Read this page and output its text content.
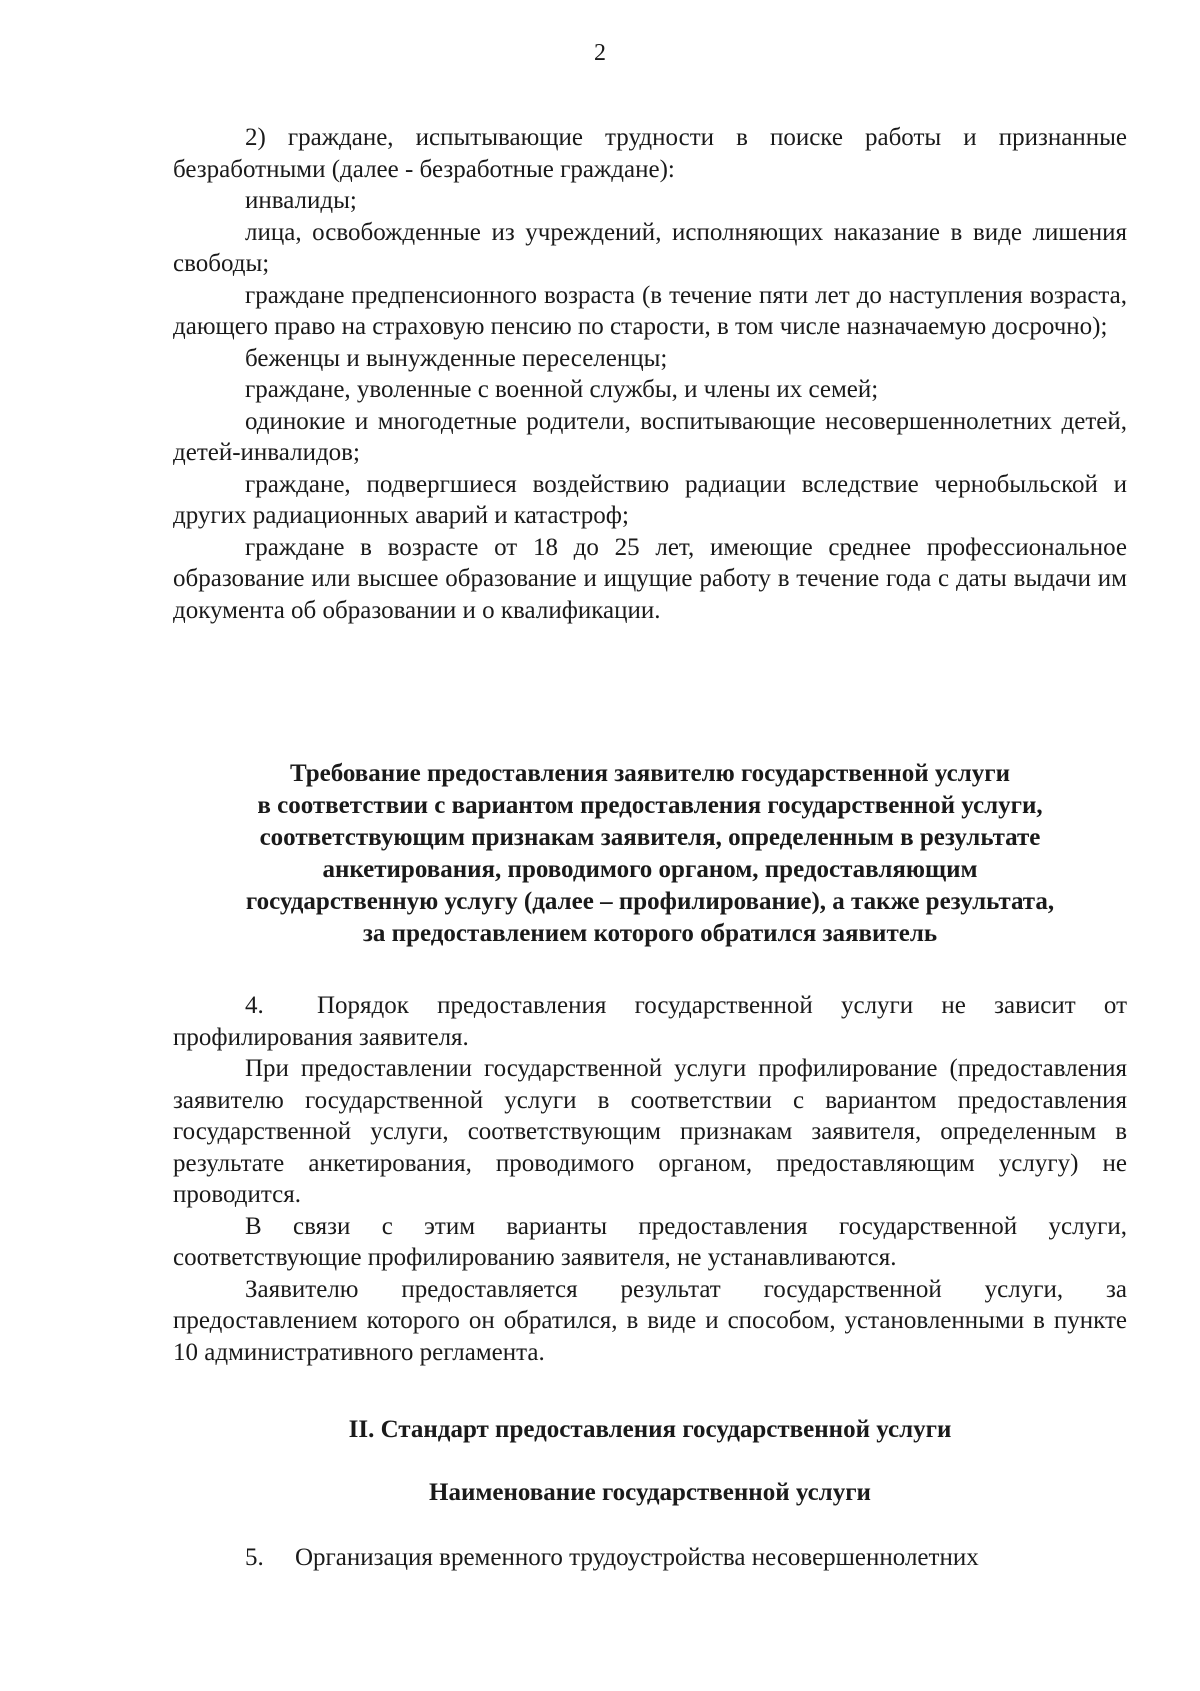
2

2) граждане, испытывающие трудности в поиске работы и признанные безработными (далее - безработные граждане):

инвалиды;

лица, освобожденные из учреждений, исполняющих наказание в виде лишения свободы;

граждане предпенсионного возраста (в течение пяти лет до наступления возраста, дающего право на страховую пенсию по старости, в том числе назначаемую досрочно);

беженцы и вынужденные переселенцы;

граждане, уволенные с военной службы, и члены их семей;

одинокие и многодетные родители, воспитывающие несовершеннолетних детей, детей-инвалидов;

граждане, подвергшиеся воздействию радиации вследствие чернобыльской и других радиационных аварий и катастроф;

граждане в возрасте от 18 до 25 лет, имеющие среднее профессиональное образование или высшее образование и ищущие работу в течение года с даты выдачи им документа об образовании и о квалификации.

Требование предоставления заявителю государственной услуги
в соответствии с вариантом предоставления государственной услуги,
соответствующим признакам заявителя, определенным в результате
анкетирования, проводимого органом, предоставляющим
государственную услугу (далее – профилирование), а также результата,
за предоставлением которого обратился заявитель

4.  Порядок предоставления государственной услуги не зависит от профилирования заявителя.

При предоставлении государственной услуги профилирование (предоставления заявителю государственной услуги в соответствии с вариантом предоставления государственной услуги, соответствующим признакам заявителя, определенным в результате анкетирования, проводимого органом, предоставляющим услугу) не проводится.

В связи с этим варианты предоставления государственной услуги, соответствующие профилированию заявителя, не устанавливаются.

Заявителю предоставляется результат государственной услуги, за предоставлением которого он обратился, в виде и способом, установленными в пункте 10 административного регламента.

II. Стандарт предоставления государственной услуги
Наименование государственной услуги

5.  Организация временного трудоустройства несовершеннолетних
